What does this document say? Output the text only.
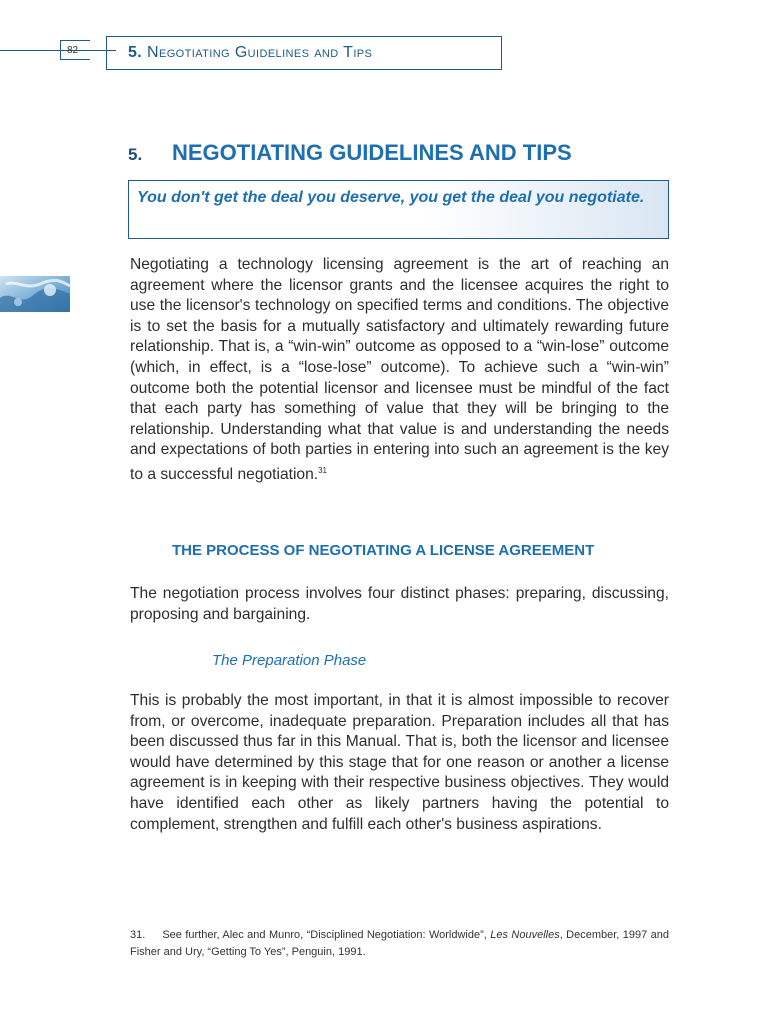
82	5. Negotiating Guidelines and Tips
5. NEGOTIATING GUIDELINES AND TIPS
You don't get the deal you deserve, you get the deal you negotiate.

Negotiating a technology licensing agreement is the art of reaching an agreement where the licensor grants and the licensee acquires the right to use the licensor's technology on specified terms and conditions. The objective is to set the basis for a mutually satisfactory and ultimately rewarding future relationship. That is, a “win-win” outcome as opposed to a “win-lose” outcome (which, in effect, is a “lose-lose” outcome). To achieve such a “win-win” outcome both the potential licensor and licensee must be mindful of the fact that each party has something of value that they will be bringing to the relationship. Understanding what that value is and understanding the needs and expectations of both parties in entering into such an agreement is the key to a successful negotiation.$^{31}$

THE PROCESS OF NEGOTIATING A LICENSE AGREEMENT

The negotiation process involves four distinct phases: preparing, discussing, proposing and bargaining.

The Preparation Phase

This is probably the most important, in that it is almost impossible to recover from, or overcome, inadequate preparation. Preparation includes all that has been discussed thus far in this Manual. That is, both the licensor and licensee would have determined by this stage that for one reason or another a license agreement is in keeping with their respective business objectives. They would have identified each other as likely partners having the potential to complement, strengthen and fulfill each other's business aspirations.

31. See further, Alec and Munro, “Disciplined Negotiation: Worldwide”, Les Nouvelles, December, 1997 and Fisher and Ury, “Getting To Yes”, Penguin, 1991.
